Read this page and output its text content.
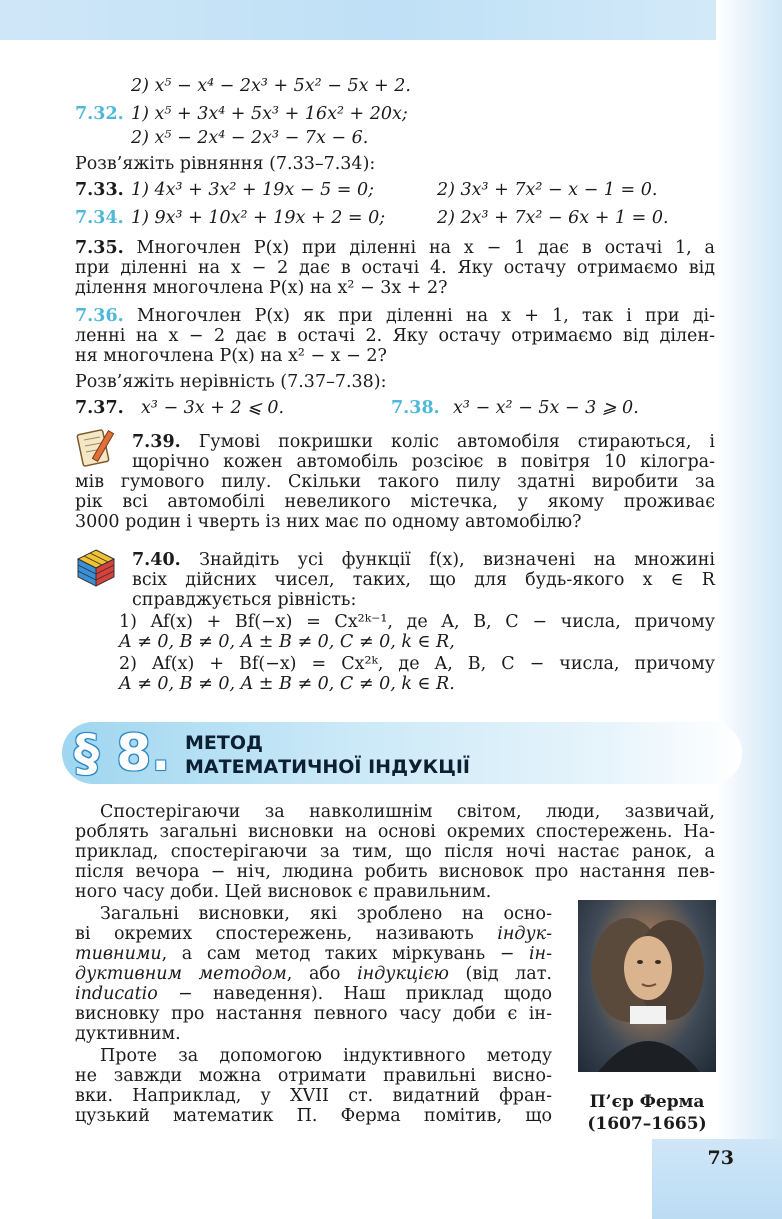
2) x⁵ − x⁴ − 2x³ + 5x² − 5x + 2.
7.32. 1) x⁵ + 3x⁴ + 5x³ + 16x² + 20x;
2) x⁵ − 2x⁴ − 2x³ − 7x − 6.
Розв’яжіть рівняння (7.33–7.34):
7.33. 1) 4x³ + 3x² + 19x − 5 = 0;	2) 3x³ + 7x² − x − 1 = 0.
7.34. 1) 9x³ + 10x² + 19x + 2 = 0;	2) 2x³ + 7x² − 6x + 1 = 0.
7.35. Многочлен P(x) при діленні на x − 1 дає в остачі 1, а
при діленні на x − 2 дає в остачі 4. Яку остачу отримаємо від
ділення многочлена P(x) на x² − 3x + 2?
7.36. Многочлен P(x) як при діленні на x + 1, так і при ді-
ленні на x − 2 дає в остачі 2. Яку остачу отримаємо від ділен-
ня многочлена P(x) на x² − x − 2?
Розв’яжіть нерівність (7.37–7.38):
7.37. x³ − 3x + 2 ⩽ 0.	7.38. x³ − x² − 5x − 3 ⩾ 0.
7.39. Гумові покришки коліс автомобіля стираються, і
щорічно кожен автомобіль розсіює в повітря 10 кілогра-
мів гумового пилу. Скільки такого пилу здатні виробити за
рік всі автомобілі невеликого містечка, у якому проживає
3000 родин і чверть із них має по одному автомобілю?
7.40. Знайдіть усі функції f(x), визначені на множині
всіх дійсних чисел, таких, що для будь-якого x ∈ R
справджується рівність:
1) Af(x) + Bf(−x) = Cx²ᵏ⁻¹, де A, B, C − числа, причому
A ≠ 0, B ≠ 0, A ± B ≠ 0, C ≠ 0, k ∈ R,
2) Af(x) + Bf(−x) = Cx²ᵏ, де A, B, C − числа, причому
A ≠ 0, B ≠ 0, A ± B ≠ 0, C ≠ 0, k ∈ R.
§ 8. МЕТОД
МАТЕМАТИЧНОЇ ІНДУКЦІЇ
Спостерігаючи за навколишнім світом, люди, зазвичай,
роблять загальні висновки на основі окремих спостережень. На-
приклад, спостерігаючи за тим, що після ночі настає ранок, а
після вечора − ніч, людина робить висновок про настання пев-
ного часу доби. Цей висновок є правильним.
Загальні висновки, які зроблено на осно-
ві окремих спостережень, називають індук-
тивними, а сам метод таких міркувань − ін-
дуктивним методом, або індукцією (від лат.
inducatio − наведення). Наш приклад щодо
висновку про настання певного часу доби є ін-
дуктивним.
Проте за допомогою індуктивного методу
не завжди можна отримати правильні висно-
вки. Наприклад, у XVII ст. видатний фран-
цузький математик П. Ферма помітив, що
П’єр Ферма
(1607–1665)
73
